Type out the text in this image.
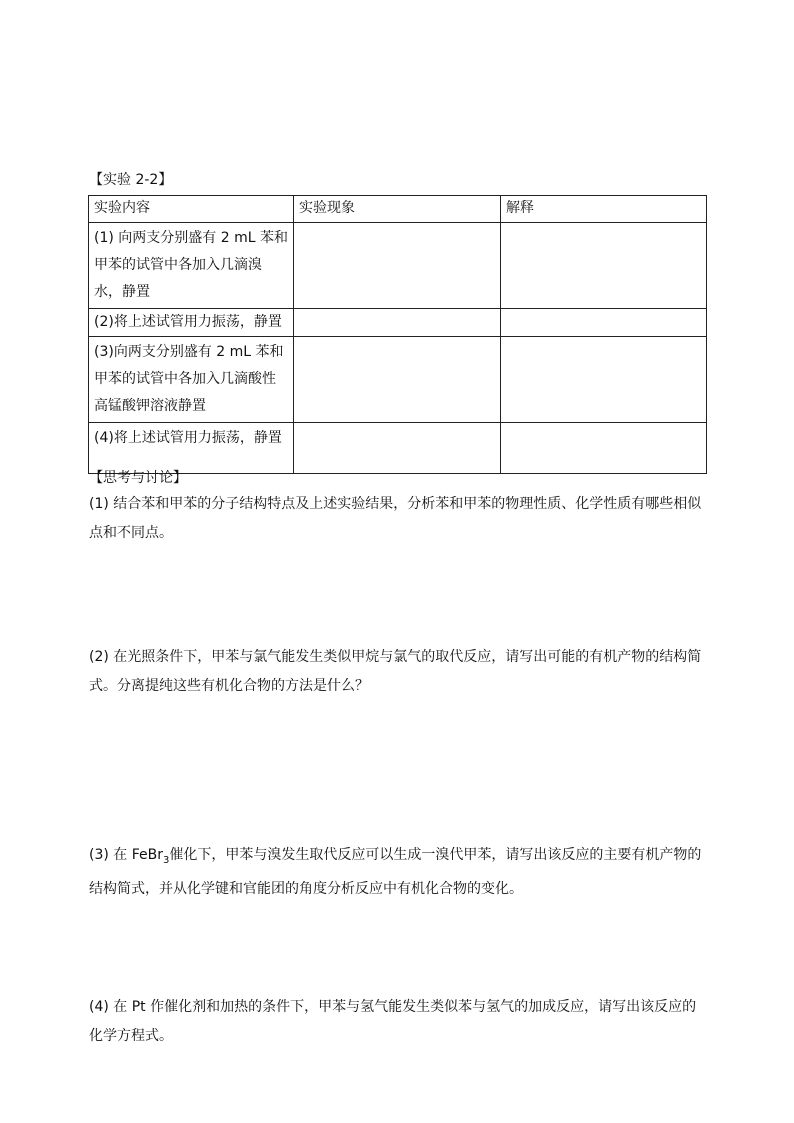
【实验 2-2】
实验内容	实验现象	解释
(1) 向两支分别盛有 2 mL 苯和甲苯的试管中各加入几滴溴水，静置		
(2)将上述试管用力振荡，静置		
(3)向两支分别盛有 2 mL 苯和甲苯的试管中各加入几滴酸性高锰酸钾溶液静置		
(4)将上述试管用力振荡，静置		
【思考与讨论】
(1) 结合苯和甲苯的分子结构特点及上述实验结果，分析苯和甲苯的物理性质、化学性质有哪些相似点和不同点。
(2) 在光照条件下，甲苯与氯气能发生类似甲烷与氯气的取代反应，请写出可能的有机产物的结构简式。分离提纯这些有机化合物的方法是什么？
(3) 在 FeBr$_3$催化下，甲苯与溴发生取代反应可以生成一溴代甲苯，请写出该反应的主要有机产物的结构简式，并从化学键和官能团的角度分析反应中有机化合物的变化。
(4) 在 Pt 作催化剂和加热的条件下，甲苯与氢气能发生类似苯与氢气的加成反应，请写出该反应的化学方程式。
